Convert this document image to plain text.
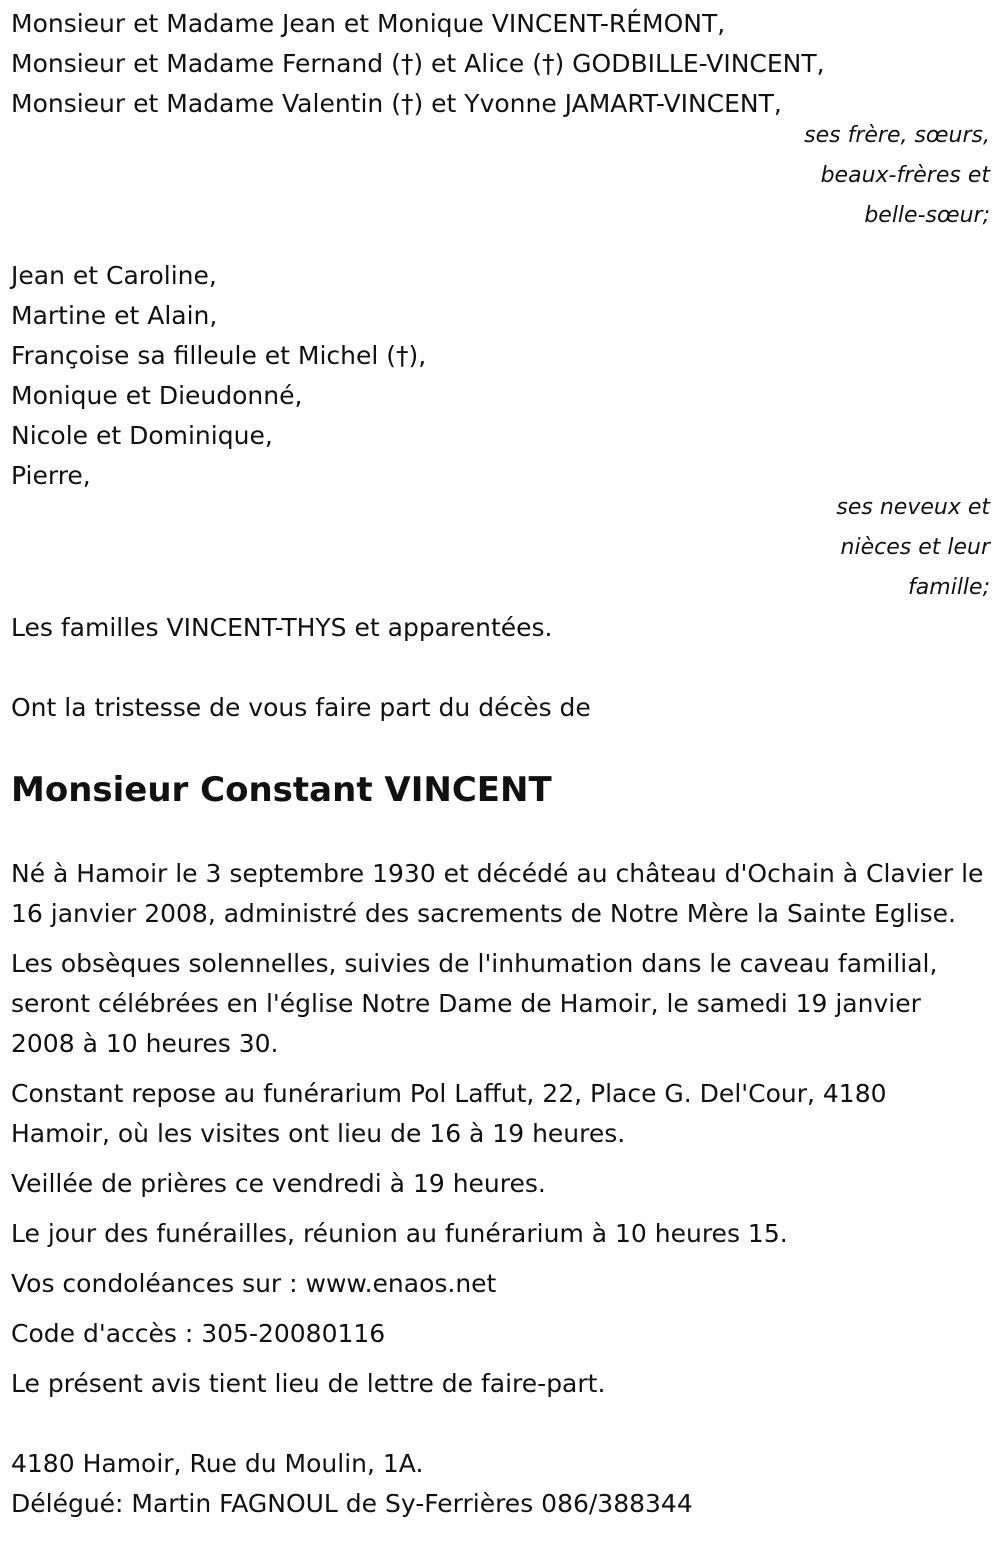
Monsieur et Madame Jean et Monique VINCENT-RÉMONT,

Monsieur et Madame Fernand (†) et Alice (†) GODBILLE-VINCENT,

Monsieur et Madame Valentin (†) et Yvonne JAMART-VINCENT,

ses frère, sœurs,

beaux-frères et

belle-sœur;

Jean et Caroline,

Martine et Alain,

Françoise sa filleule et Michel (†),

Monique et Dieudonné,

Nicole et Dominique,

Pierre,

ses neveux et

nièces et leur

famille;

Les familles VINCENT-THYS et apparentées.

Ont la tristesse de vous faire part du décès de

Monsieur Constant VINCENT

Né à Hamoir le 3 septembre 1930 et décédé au château d'Ochain à Clavier le 16 janvier 2008, administré des sacrements de Notre Mère la Sainte Eglise.

Les obsèques solennelles, suivies de l'inhumation dans le caveau familial, seront célébrées en l'église Notre Dame de Hamoir, le samedi 19 janvier 2008 à 10 heures 30.

Constant repose au funérarium Pol Laffut, 22, Place G. Del'Cour, 4180 Hamoir, où les visites ont lieu de 16 à 19 heures.

Veillée de prières ce vendredi à 19 heures.

Le jour des funérailles, réunion au funérarium à 10 heures 15.

Vos condoléances sur : www.enaos.net

Code d'accès : 305-20080116

Le présent avis tient lieu de lettre de faire-part.

4180 Hamoir, Rue du Moulin, 1A.

Délégué: Martin FAGNOUL de Sy-Ferrières 086/388344
